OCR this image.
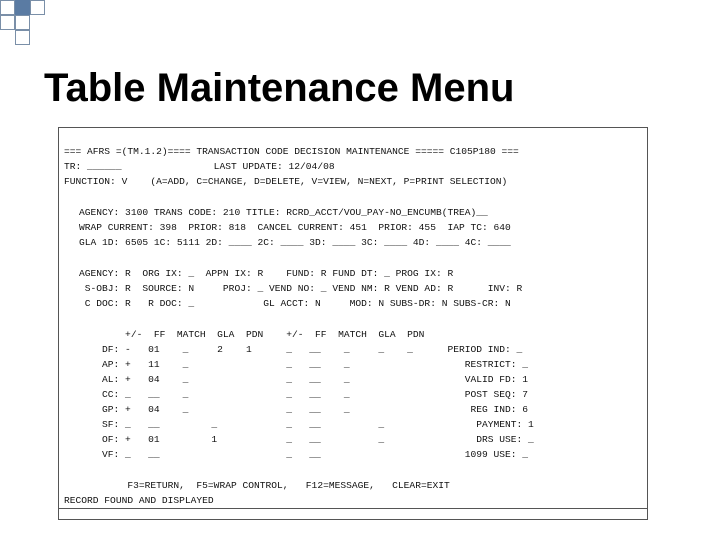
Table Maintenance Menu
=== AFRS =(TM.1.2)==== TRANSACTION CODE DECISION MAINTENANCE ===== C105P180 ===
TR: ______                LAST UPDATE: 12/04/08
FUNCTION: V    (A=ADD, C=CHANGE, D=DELETE, V=VIEW, N=NEXT, P=PRINT SELECTION)
AGENCY: 3100 TRANS CODE: 210 TITLE: RCRD_ACCT/VOU_PAY-NO_ENCUMB(TREA)__
WRAP CURRENT: 398  PRIOR: 818  CANCEL CURRENT: 451  PRIOR: 455  IAP TC: 640
GLA 1D: 6505 1C: 5111 2D: ____ 2C: ____ 3D: ____ 3C: ____ 4D: ____ 4C: ____
AGENCY: R  ORG IX: _  APPN IX: R    FUND: R FUND DT: _ PROG IX: R
S-OBJ: R  SOURCE: N     PROJ: _ VEND NO: _ VEND NM: R VEND AD: R      INV: R
C DOC: R   R DOC: _            GL ACCT: N     MOD: N SUBS-DR: N SUBS-CR: N
+/-  FF  MATCH  GLA  PDN    +/-  FF  MATCH  GLA  PDN
DF: -   01    _     2    1      _   __    _     _    _      PERIOD IND: _
AP: +   11    _                 _   __    _                    RESTRICT: _
AL: +   04    _                 _   __    _                    VALID FD: 1
CC: _   __    _                 _   __    _                    POST SEQ: 7
GP: +   04    _                 _   __    _                     REG IND: 6
SF: _   __         _            _   __          _                PAYMENT: 1
OF: +   01         1            _   __          _                DRS USE: _
VF: _   __                      _   __                         1099 USE: _
F3=RETURN,  F5=WRAP CONTROL,   F12=MESSAGE,   CLEAR=EXIT
RECORD FOUND AND DISPLAYED
